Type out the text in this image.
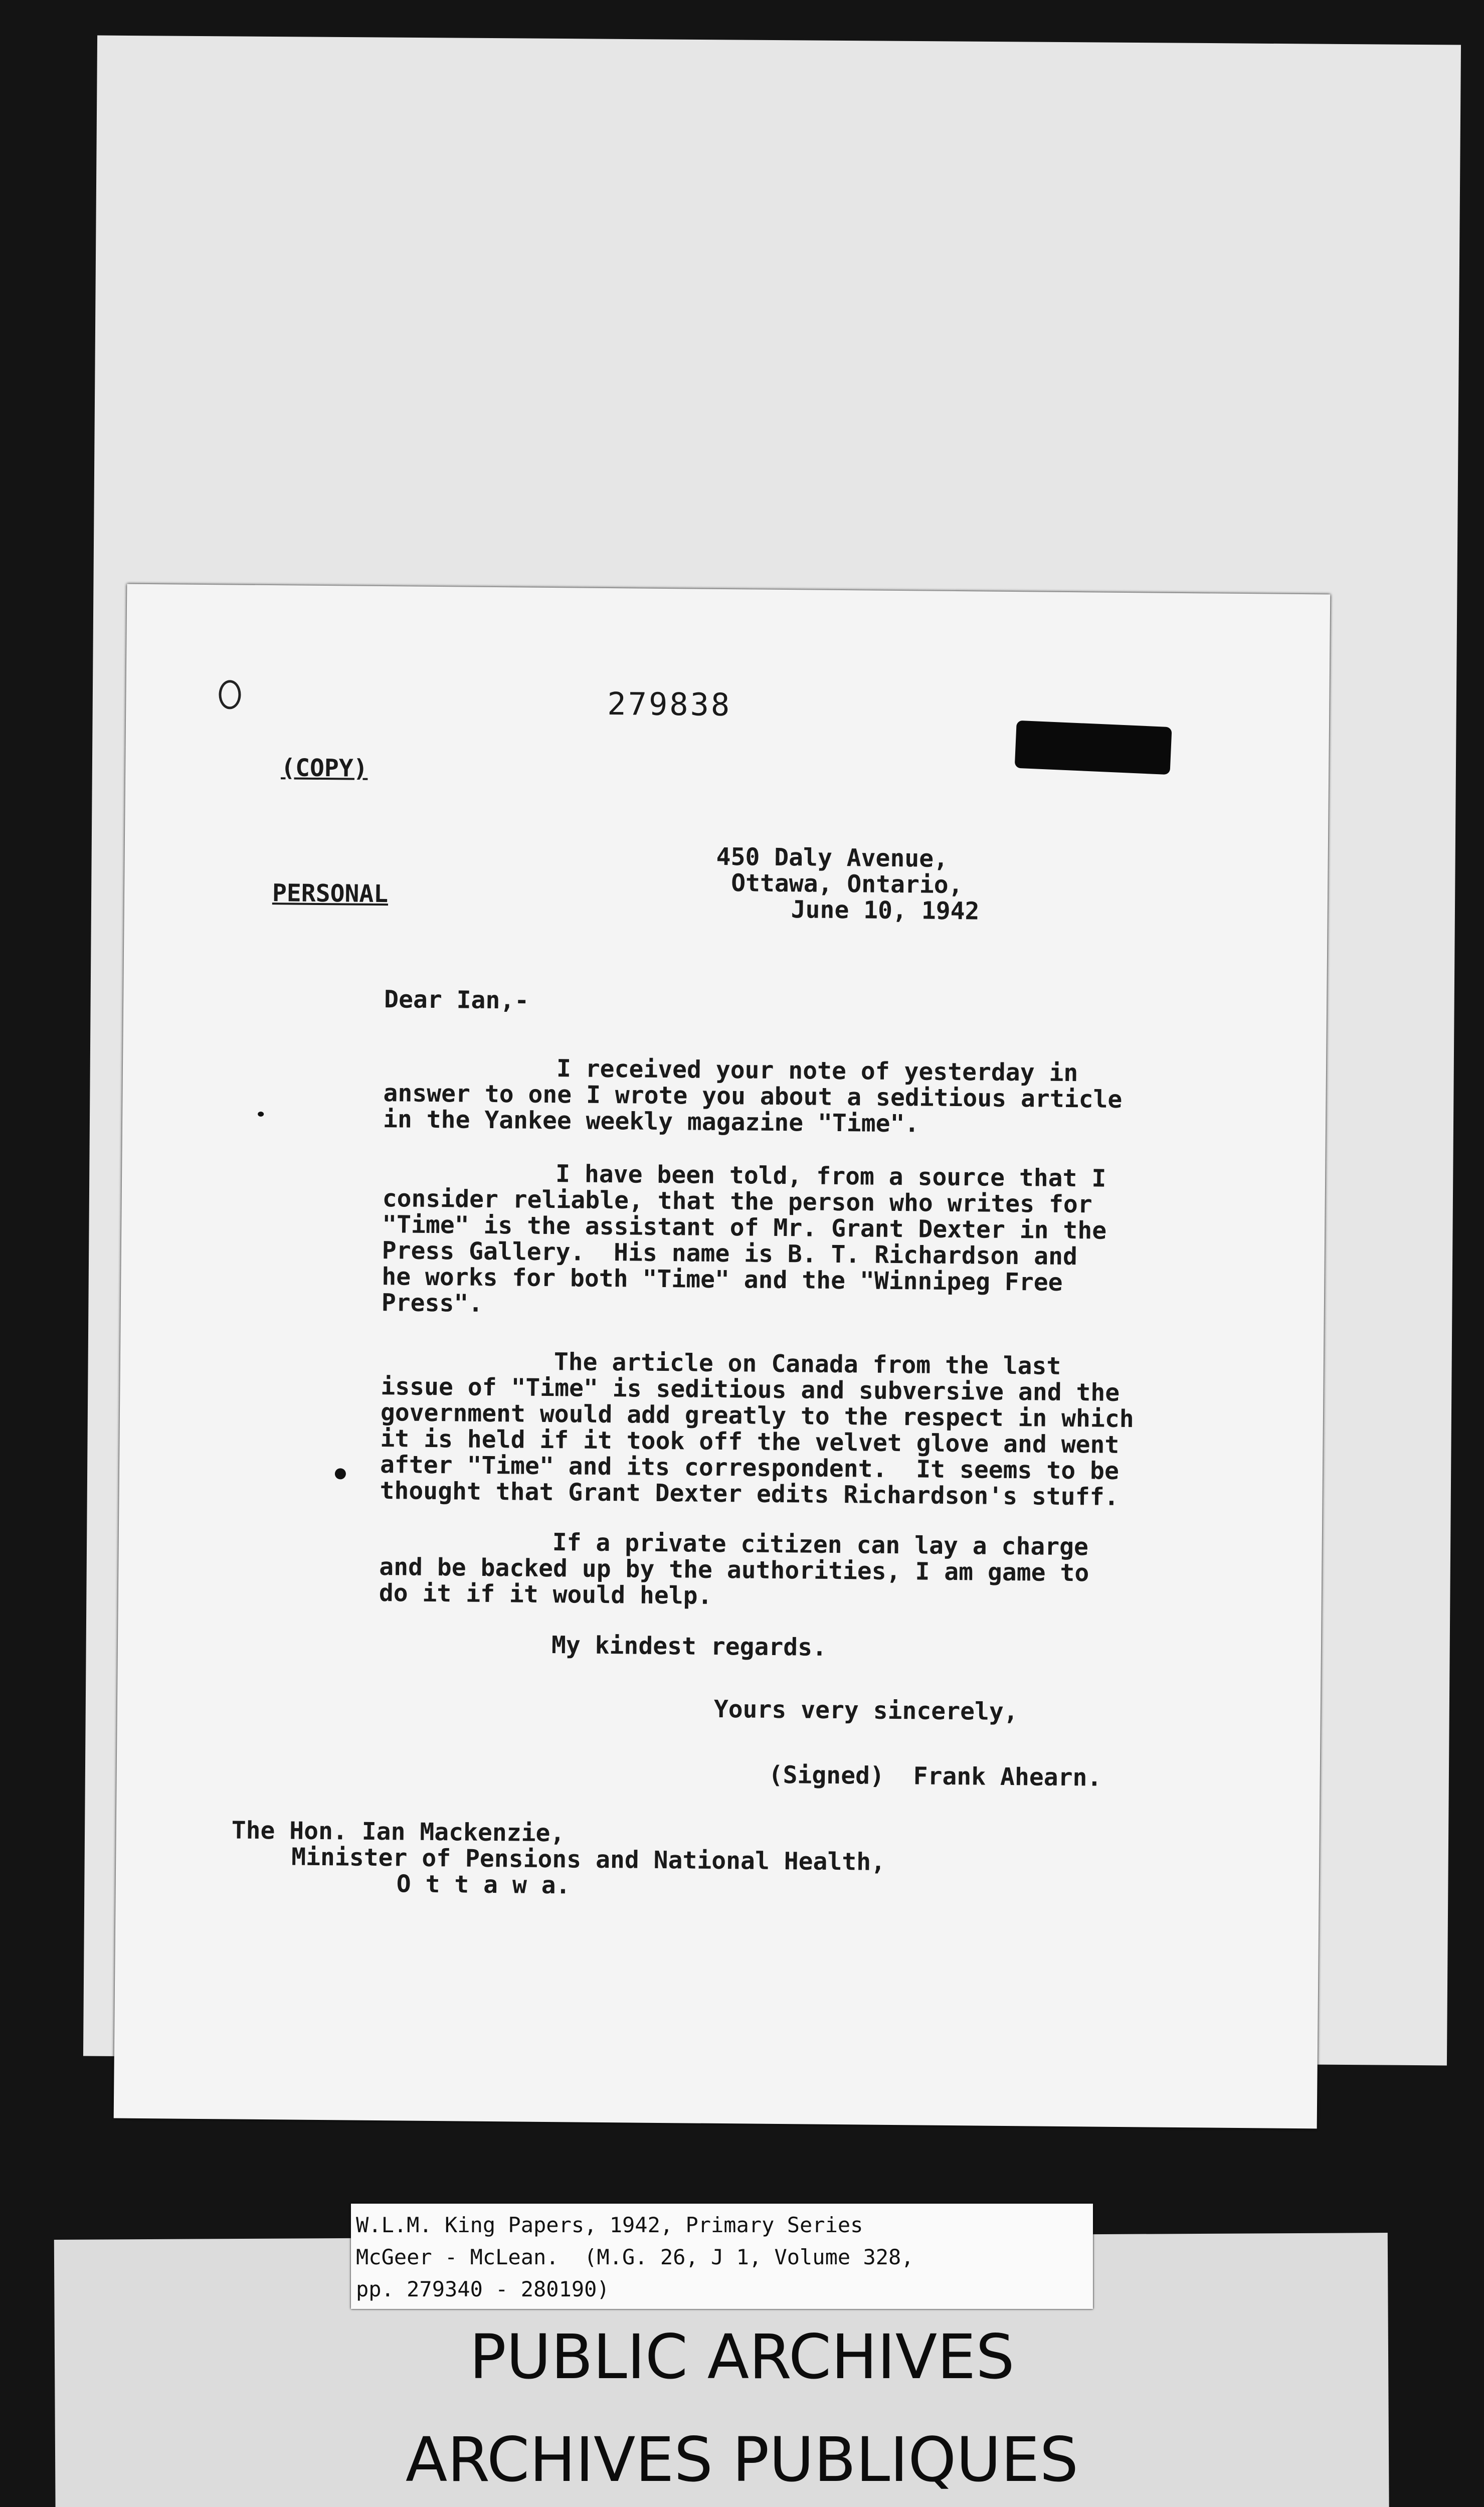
279838
(COPY)
PERSONAL
450 Daly Avenue,
Ottawa, Ontario,
June 10, 1942
Dear Ian,-
I received your note of yesterday in
answer to one I wrote you about a seditious article
in the Yankee weekly magazine "Time".
I have been told, from a source that I
consider reliable, that the person who writes for
"Time" is the assistant of Mr. Grant Dexter in the
Press Gallery.  His name is B. T. Richardson and
he works for both "Time" and the "Winnipeg Free
Press".
The article on Canada from the last
issue of "Time" is seditious and subversive and the
government would add greatly to the respect in which
it is held if it took off the velvet glove and went
after "Time" and its correspondent.  It seems to be
thought that Grant Dexter edits Richardson's stuff.
If a private citizen can lay a charge
and be backed up by the authorities, I am game to
do it if it would help.
My kindest regards.
Yours very sincerely,
(Signed)  Frank Ahearn.
The Hon. Ian Mackenzie,
Minister of Pensions and National Health,
O t t a w a.
W.L.M. King Papers, 1942, Primary Series
McGeer - McLean.  (M.G. 26, J 1, Volume 328,
pp. 279340 - 280190)
PUBLIC ARCHIVES
ARCHIVES PUBLIQUES
